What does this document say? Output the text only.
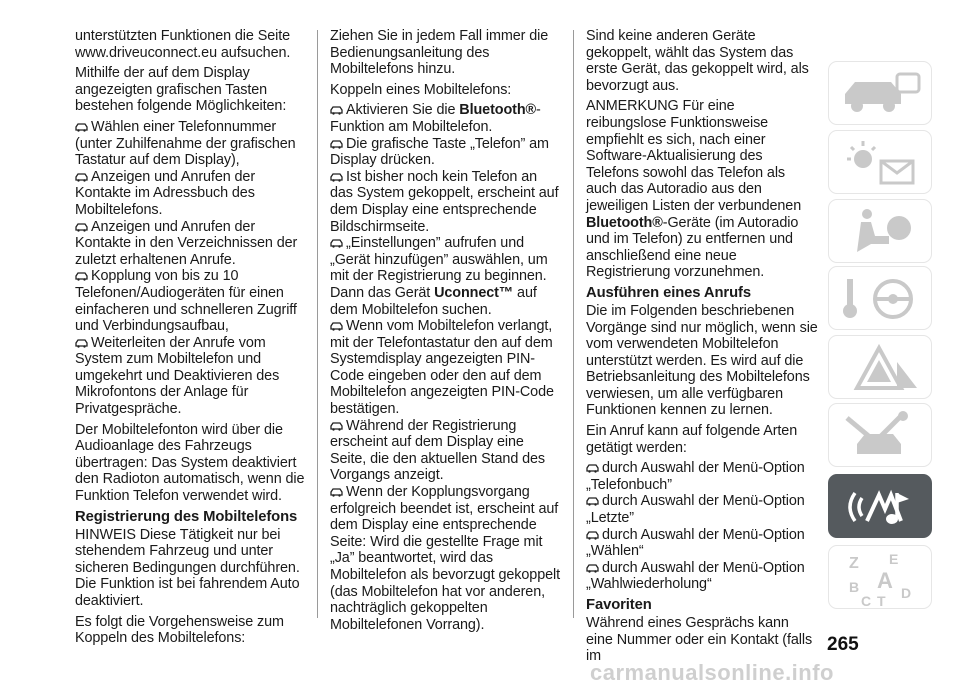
unterstützten Funktionen die Seite www.driveuconnect.eu aufsuchen.

Mithilfe der auf dem Display angezeigten grafischen Tasten bestehen folgende Möglichkeiten:

Wählen einer Telefonnummer (unter Zuhilfenahme der grafischen Tastatur auf dem Display),

Anzeigen und Anrufen der Kontakte im Adressbuch des Mobiltelefons.

Anzeigen und Anrufen der Kontakte in den Verzeichnissen der zuletzt erhaltenen Anrufe.

Kopplung von bis zu 10 Telefonen/Audiogeräten für einen einfacheren und schnelleren Zugriff und Verbindungsaufbau,

Weiterleiten der Anrufe vom System zum Mobiltelefon und umgekehrt und Deaktivieren des Mikrofontons der Anlage für Privatgespräche.

Der Mobiltelefonton wird über die Audioanlage des Fahrzeugs übertragen: Das System deaktiviert den Radioton automatisch, wenn die Funktion Telefon verwendet wird.

Registrierung des Mobiltelefons

HINWEIS Diese Tätigkeit nur bei stehendem Fahrzeug und unter sicheren Bedingungen durchführen. Die Funktion ist bei fahrendem Auto deaktiviert.

Es folgt die Vorgehensweise zum Koppeln des Mobiltelefons:

Ziehen Sie in jedem Fall immer die Bedienungsanleitung des Mobiltelefons hinzu.

Koppeln eines Mobiltelefons:

Aktivieren Sie die Bluetooth®-Funktion am Mobiltelefon.

Die grafische Taste „Telefon” am Display drücken.

Ist bisher noch kein Telefon an das System gekoppelt, erscheint auf dem Display eine entsprechende Bildschirmseite.

„Einstellungen” aufrufen und „Gerät hinzufügen” auswählen, um mit der Registrierung zu beginnen. Dann das Gerät Uconnect™ auf dem Mobiltelefon suchen.

Wenn vom Mobiltelefon verlangt, mit der Telefontastatur den auf dem Systemdisplay angezeigten PIN-Code eingeben oder den auf dem Mobiltelefon angezeigten PIN-Code bestätigen.

Während der Registrierung erscheint auf dem Display eine Seite, die den aktuellen Stand des Vorgangs anzeigt.

Wenn der Kopplungsvorgang erfolgreich beendet ist, erscheint auf dem Display eine entsprechende Seite: Wird die gestellte Frage mit „Ja” beantwortet, wird das Mobiltelefon als bevorzugt gekoppelt (das Mobiltelefon hat vor anderen, nachträglich gekoppelten Mobiltelefonen Vorrang).

Sind keine anderen Geräte gekoppelt, wählt das System das erste Gerät, das gekoppelt wird, als bevorzugt aus.

ANMERKUNG Für eine reibungslose Funktionsweise empfiehlt es sich, nach einer Software-Aktualisierung des Telefons sowohl das Telefon als auch das Autoradio aus den jeweiligen Listen der verbundenen Bluetooth®-Geräte (im Autoradio und im Telefon) zu entfernen und anschließend eine neue Registrierung vorzunehmen.

Ausführen eines Anrufs

Die im Folgenden beschriebenen Vorgänge sind nur möglich, wenn sie vom verwendeten Mobiltelefon unterstützt werden. Es wird auf die Betriebsanleitung des Mobiltelefons verwiesen, um alle verfügbaren Funktionen kennen zu lernen.

Ein Anruf kann auf folgende Arten getätigt werden:

durch Auswahl der Menü-Option „Telefonbuch”

durch Auswahl der Menü-Option „Letzte”

durch Auswahl der Menü-Option „Wählen“

durch Auswahl der Menü-Option „Wahlwiederholung“

Favoriten

Während eines Gesprächs kann eine Nummer oder ein Kontakt (falls im

Z E
B A
C T D
265
carmanualsonline.info
